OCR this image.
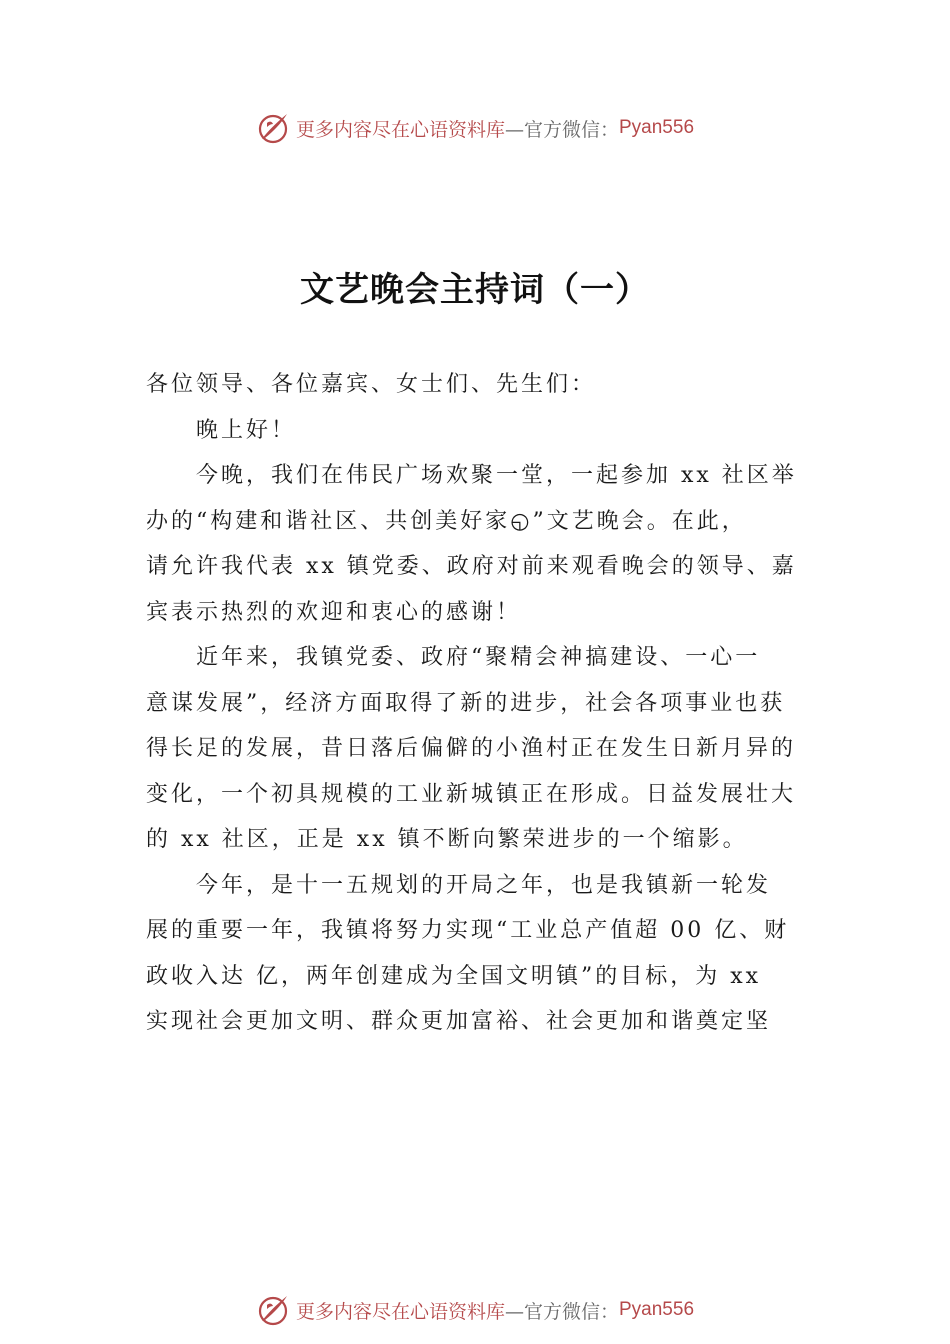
更多内容尽在心语资料库 —官方微信： Pyan556
文艺晚会主持词（一）
各位领导、各位嘉宾、女士们、先生们：
晚上好！
今晚，我们在伟民广场欢聚一堂，一起参加 xx 社区举
办的“构建和谐社区、共创美好家◵”文艺晚会。在此，
请允许我代表 xx 镇党委、政府对前来观看晚会的领导、嘉
宾表示热烈的欢迎和衷心的感谢！
近年来，我镇党委、政府“聚精会神搞建设、一心一
意谋发展”，经济方面取得了新的进步，社会各项事业也获
得长足的发展，昔日落后偏僻的小渔村正在发生日新月异的
变化，一个初具规模的工业新城镇正在形成。日益发展壮大
的 xx 社区，正是 xx 镇不断向繁荣进步的一个缩影。
今年，是十一五规划的开局之年，也是我镇新一轮发
展的重要一年，我镇将努力实现“工业总产值超 00 亿、财
政收入达 亿，两年创建成为全国文明镇”的目标，为 xx
实现社会更加文明、群众更加富裕、社会更加和谐奠定坚
更多内容尽在心语资料库 —官方微信： Pyan556
